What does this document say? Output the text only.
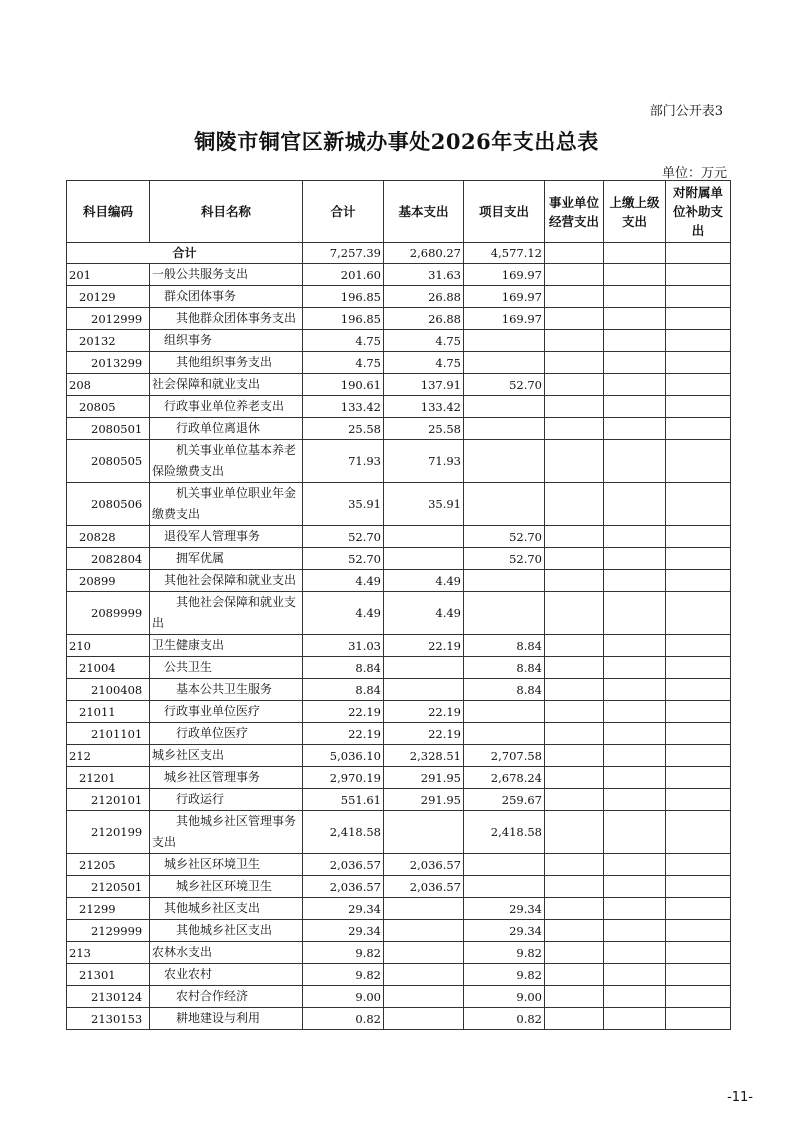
部门公开表3
铜陵市铜官区新城办事处2026年支出总表
单位：万元
科目编码	科目名称	合计	基本支出	项目支出	事业单位经营支出	上缴上级支出	对附属单位补助支出
合计		7,257.39	2,680.27	4,577.12			
201	一般公共服务支出	201.60	31.63	169.97			
20129	群众团体事务	196.85	26.88	169.97			
2012999	其他群众团体事务支出	196.85	26.88	169.97			
20132	组织事务	4.75	4.75				
2013299	其他组织事务支出	4.75	4.75				
208	社会保障和就业支出	190.61	137.91	52.70			
20805	行政事业单位养老支出	133.42	133.42				
2080501	行政单位离退休	25.58	25.58				
2080505	机关事业单位基本养老保险缴费支出	71.93	71.93				
2080506	机关事业单位职业年金缴费支出	35.91	35.91				
20828	退役军人管理事务	52.70		52.70			
2082804	拥军优属	52.70		52.70			
20899	其他社会保障和就业支出	4.49	4.49				
2089999	其他社会保障和就业支出	4.49	4.49				
210	卫生健康支出	31.03	22.19	8.84			
21004	公共卫生	8.84		8.84			
2100408	基本公共卫生服务	8.84		8.84			
21011	行政事业单位医疗	22.19	22.19				
2101101	行政单位医疗	22.19	22.19				
212	城乡社区支出	5,036.10	2,328.51	2,707.58			
21201	城乡社区管理事务	2,970.19	291.95	2,678.24			
2120101	行政运行	551.61	291.95	259.67			
2120199	其他城乡社区管理事务支出	2,418.58		2,418.58			
21205	城乡社区环境卫生	2,036.57	2,036.57				
2120501	城乡社区环境卫生	2,036.57	2,036.57				
21299	其他城乡社区支出	29.34		29.34			
2129999	其他城乡社区支出	29.34		29.34			
213	农林水支出	9.82		9.82			
21301	农业农村	9.82		9.82			
2130124	农村合作经济	9.00		9.00			
2130153	耕地建设与利用	0.82		0.82			
-11-
